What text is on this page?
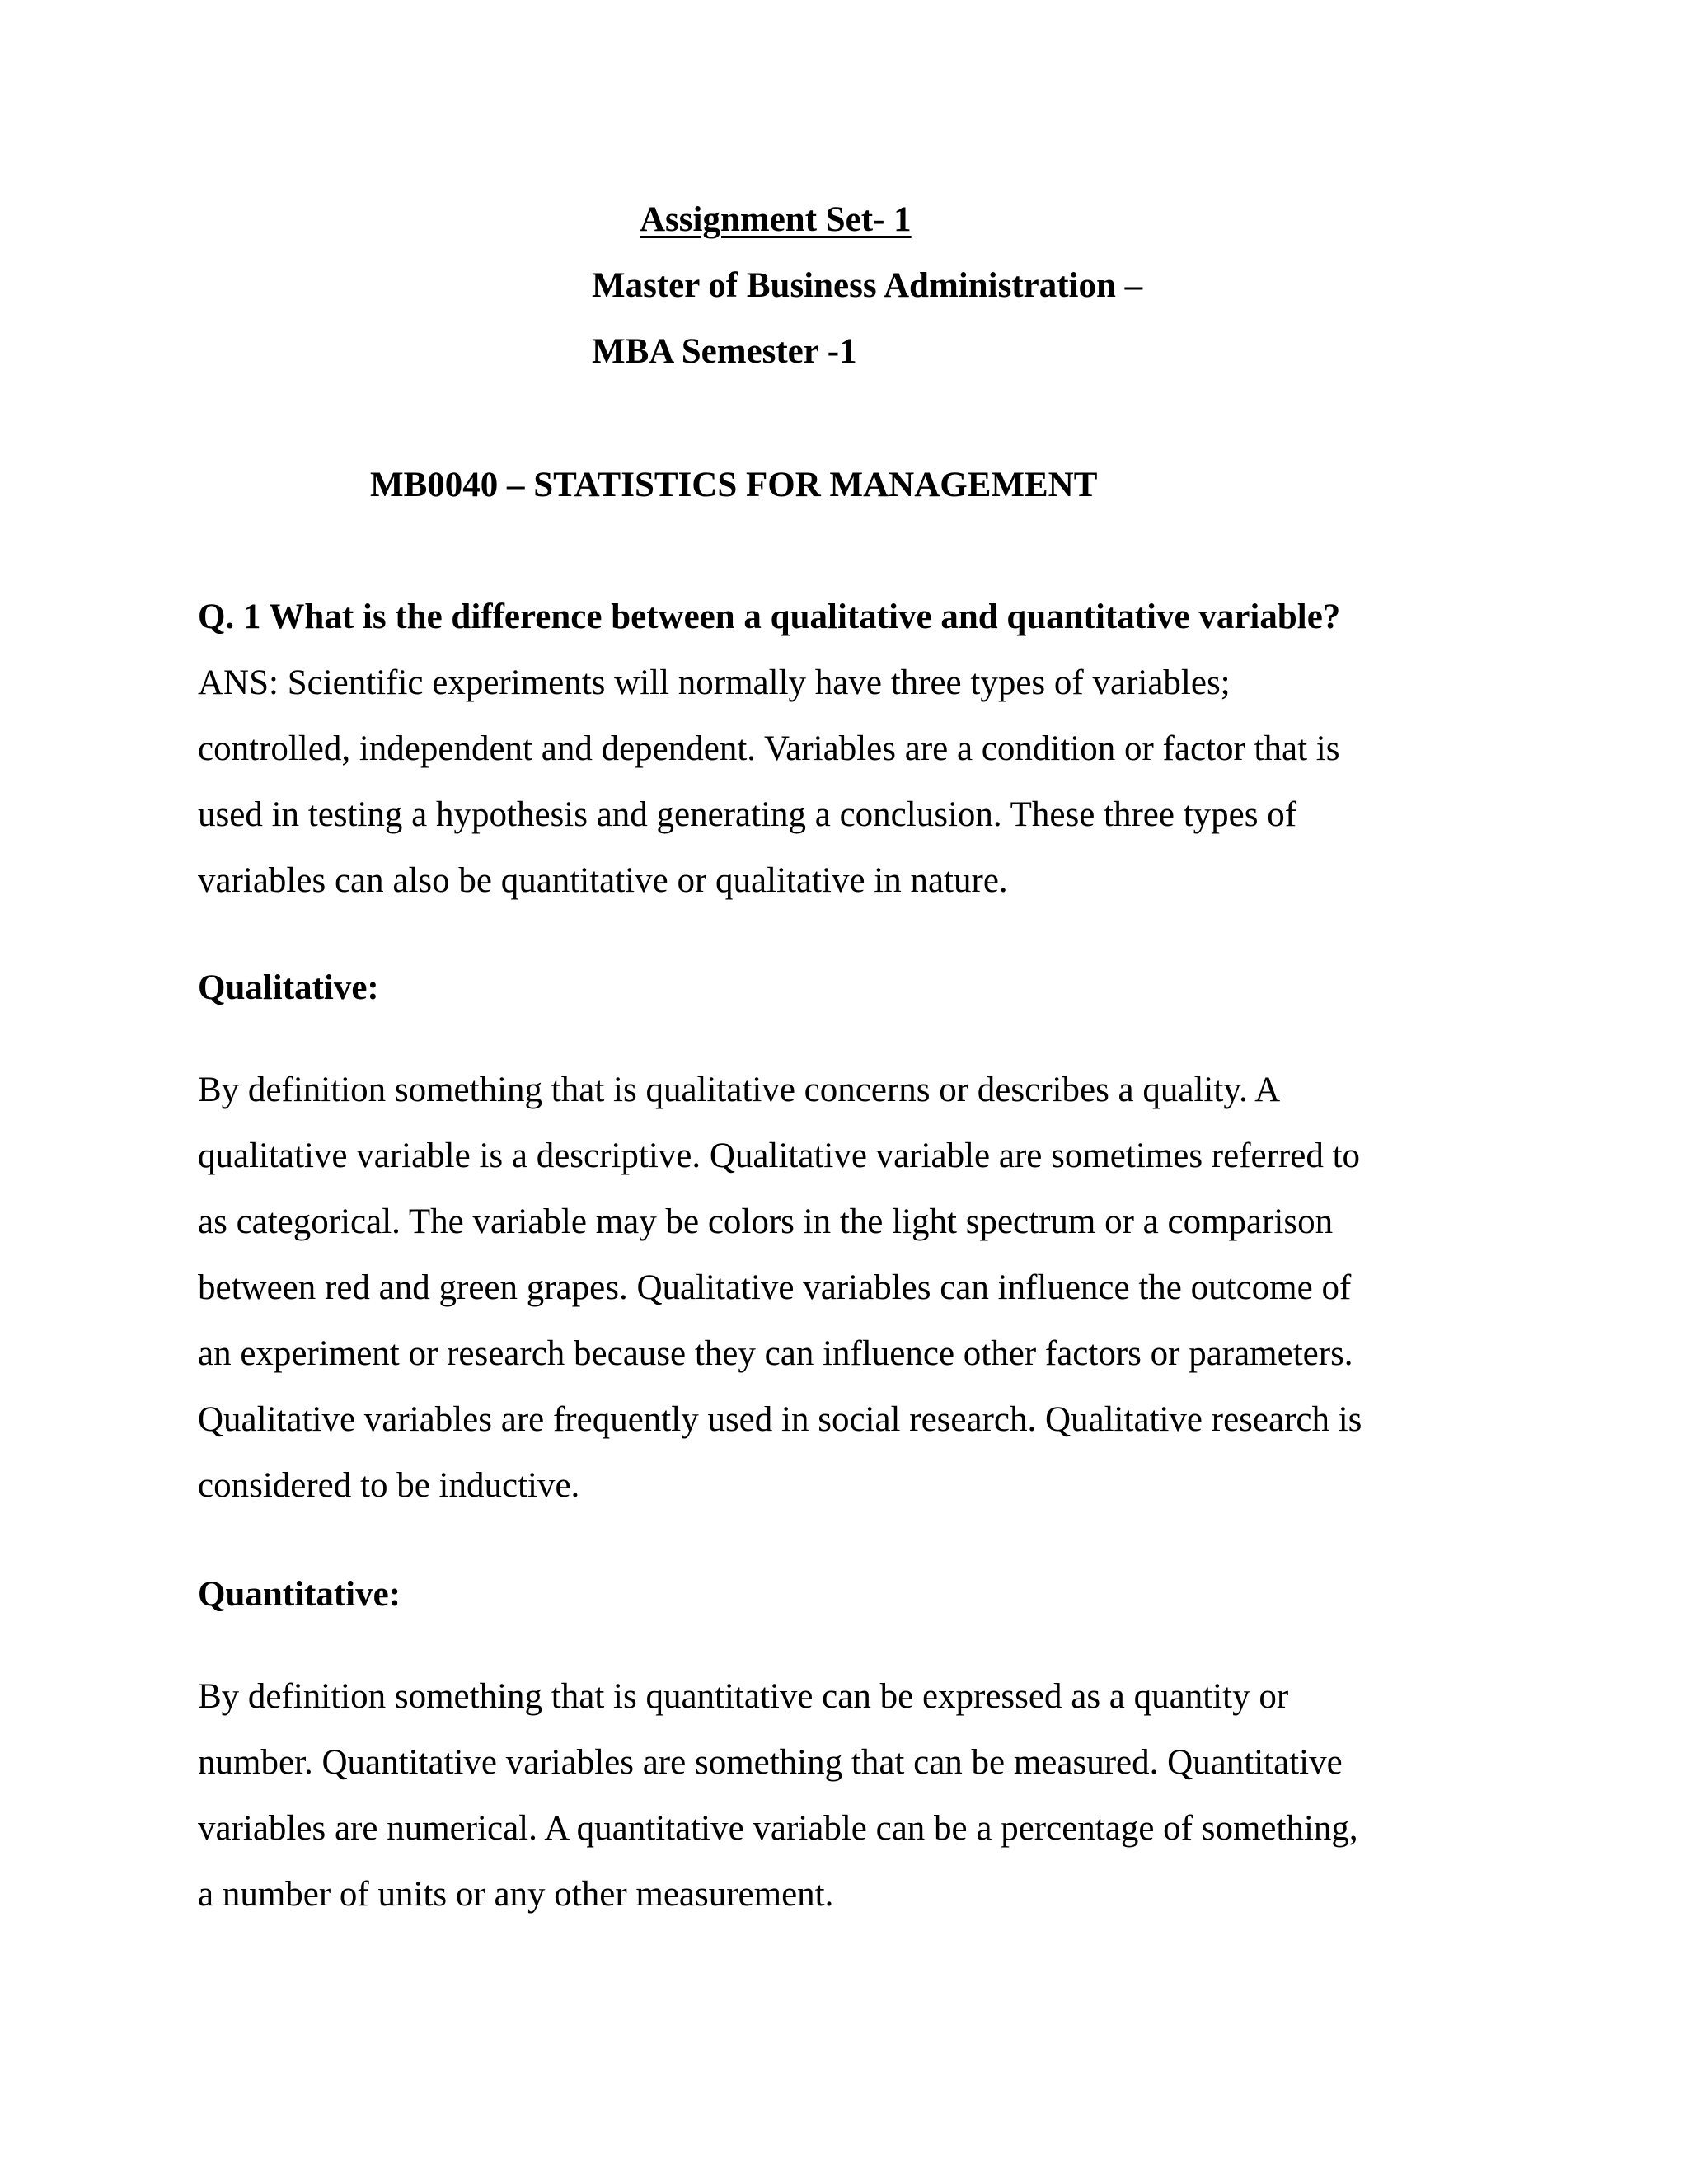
Assignment Set- 1
Master of Business Administration –
MBA Semester -1
MB0040 – STATISTICS FOR MANAGEMENT
Q. 1 What is the difference between a qualitative and quantitative variable?
ANS: Scientific experiments will normally have three types of variables;
controlled, independent and dependent. Variables are a condition or factor that is
used in testing a hypothesis and generating a conclusion. These three types of
variables can also be quantitative or qualitative in nature.
Qualitative:
By definition something that is qualitative concerns or describes a quality. A
qualitative variable is a descriptive. Qualitative variable are sometimes referred to
as categorical. The variable may be colors in the light spectrum or a comparison
between red and green grapes. Qualitative variables can influence the outcome of
an experiment or research because they can influence other factors or parameters.
Qualitative variables are frequently used in social research. Qualitative research is
considered to be inductive.
Quantitative:
By definition something that is quantitative can be expressed as a quantity or
number. Quantitative variables are something that can be measured. Quantitative
variables are numerical. A quantitative variable can be a percentage of something,
a number of units or any other measurement.
